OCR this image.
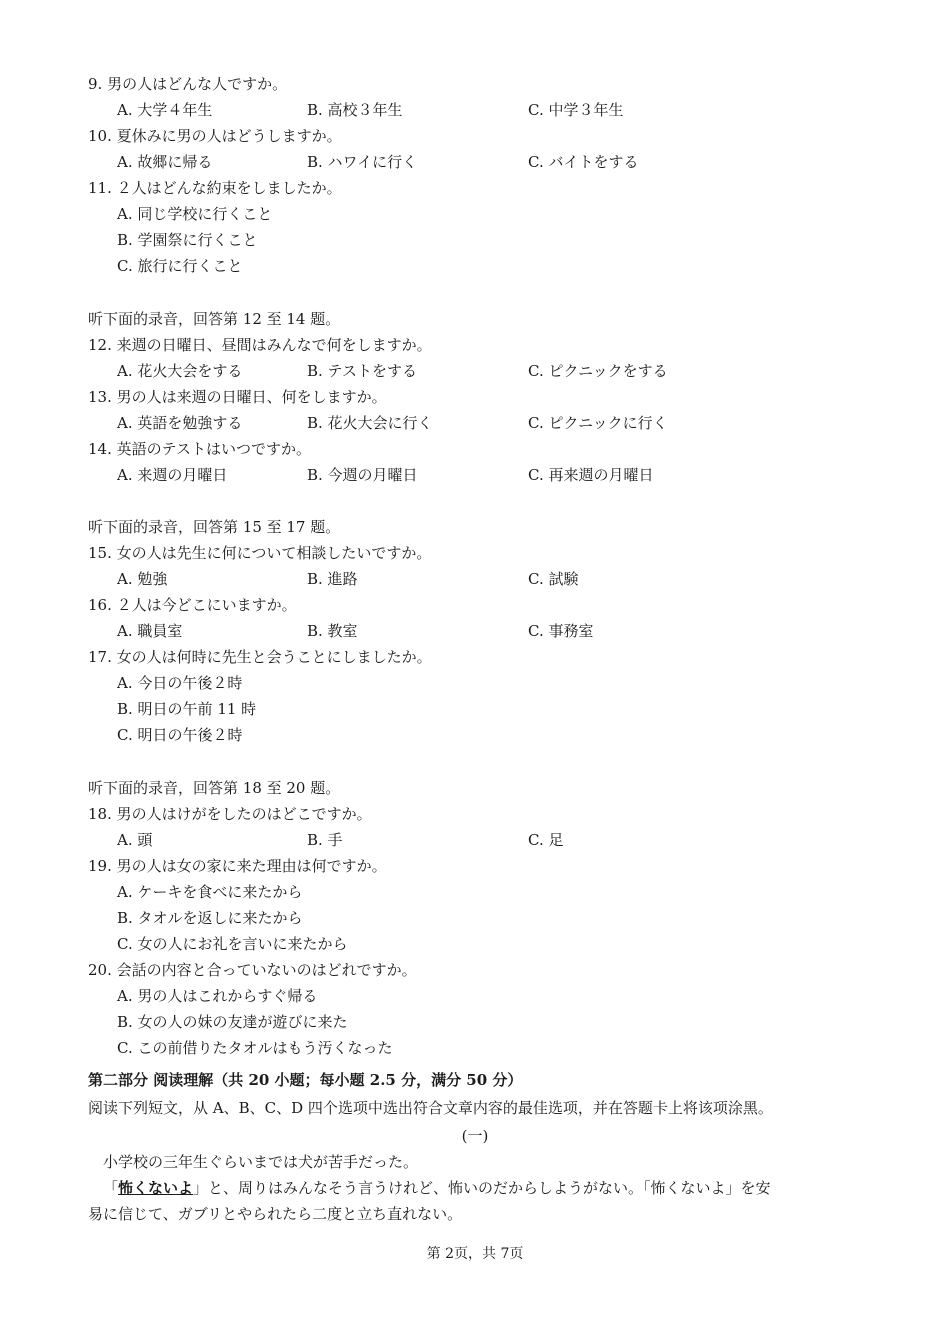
9. 男の人はどんな人ですか。
A. 大学４年生	B. 高校３年生	C. 中学３年生
10. 夏休みに男の人はどうしますか。
A. 故郷に帰る	B. ハワイに行く	C. バイトをする
11. ２人はどんな約束をしましたか。
A. 同じ学校に行くこと
B. 学園祭に行くこと
C. 旅行に行くこと
听下面的录音，回答第 12 至 14 题。
12. 来週の日曜日、昼間はみんなで何をしますか。
A. 花火大会をする	B. テストをする	C. ピクニックをする
13. 男の人は来週の日曜日、何をしますか。
A. 英語を勉強する	B. 花火大会に行く	C. ピクニックに行く
14. 英語のテストはいつですか。
A. 来週の月曜日	B. 今週の月曜日	C. 再来週の月曜日
听下面的录音，回答第 15 至 17 题。
15. 女の人は先生に何について相談したいですか。
A. 勉強	B. 進路	C. 試験
16. ２人は今どこにいますか。
A. 職員室	B. 教室	C. 事務室
17. 女の人は何時に先生と会うことにしましたか。
A. 今日の午後２時
B. 明日の午前 11 時
C. 明日の午後２時
听下面的录音，回答第 18 至 20 题。
18. 男の人はけがをしたのはどこですか。
A. 頭	B. 手	C. 足
19. 男の人は女の家に来た理由は何ですか。
A. ケーキを食べに来たから
B. タオルを返しに来たから
C. 女の人にお礼を言いに来たから
20. 会話の内容と合っていないのはどれですか。
A. 男の人はこれからすぐ帰る
B. 女の人の妹の友達が遊びに来た
C. この前借りたタオルはもう汚くなった
第二部分 阅读理解（共 20 小题；每小题 2.5 分，满分 50 分）
阅读下列短文，从 A、B、C、D 四个选项中选出符合文章内容的最佳选项，并在答题卡上将该项涂黑。
(一)
小学校の三年生ぐらいまでは犬が苦手だった。
「怖くないよ」と、周りはみんなそう言うけれど、怖いのだからしようがない。「怖くないよ」を安
易に信じて、ガブリとやられたら二度と立ち直れない。
第 2页，共 7页
